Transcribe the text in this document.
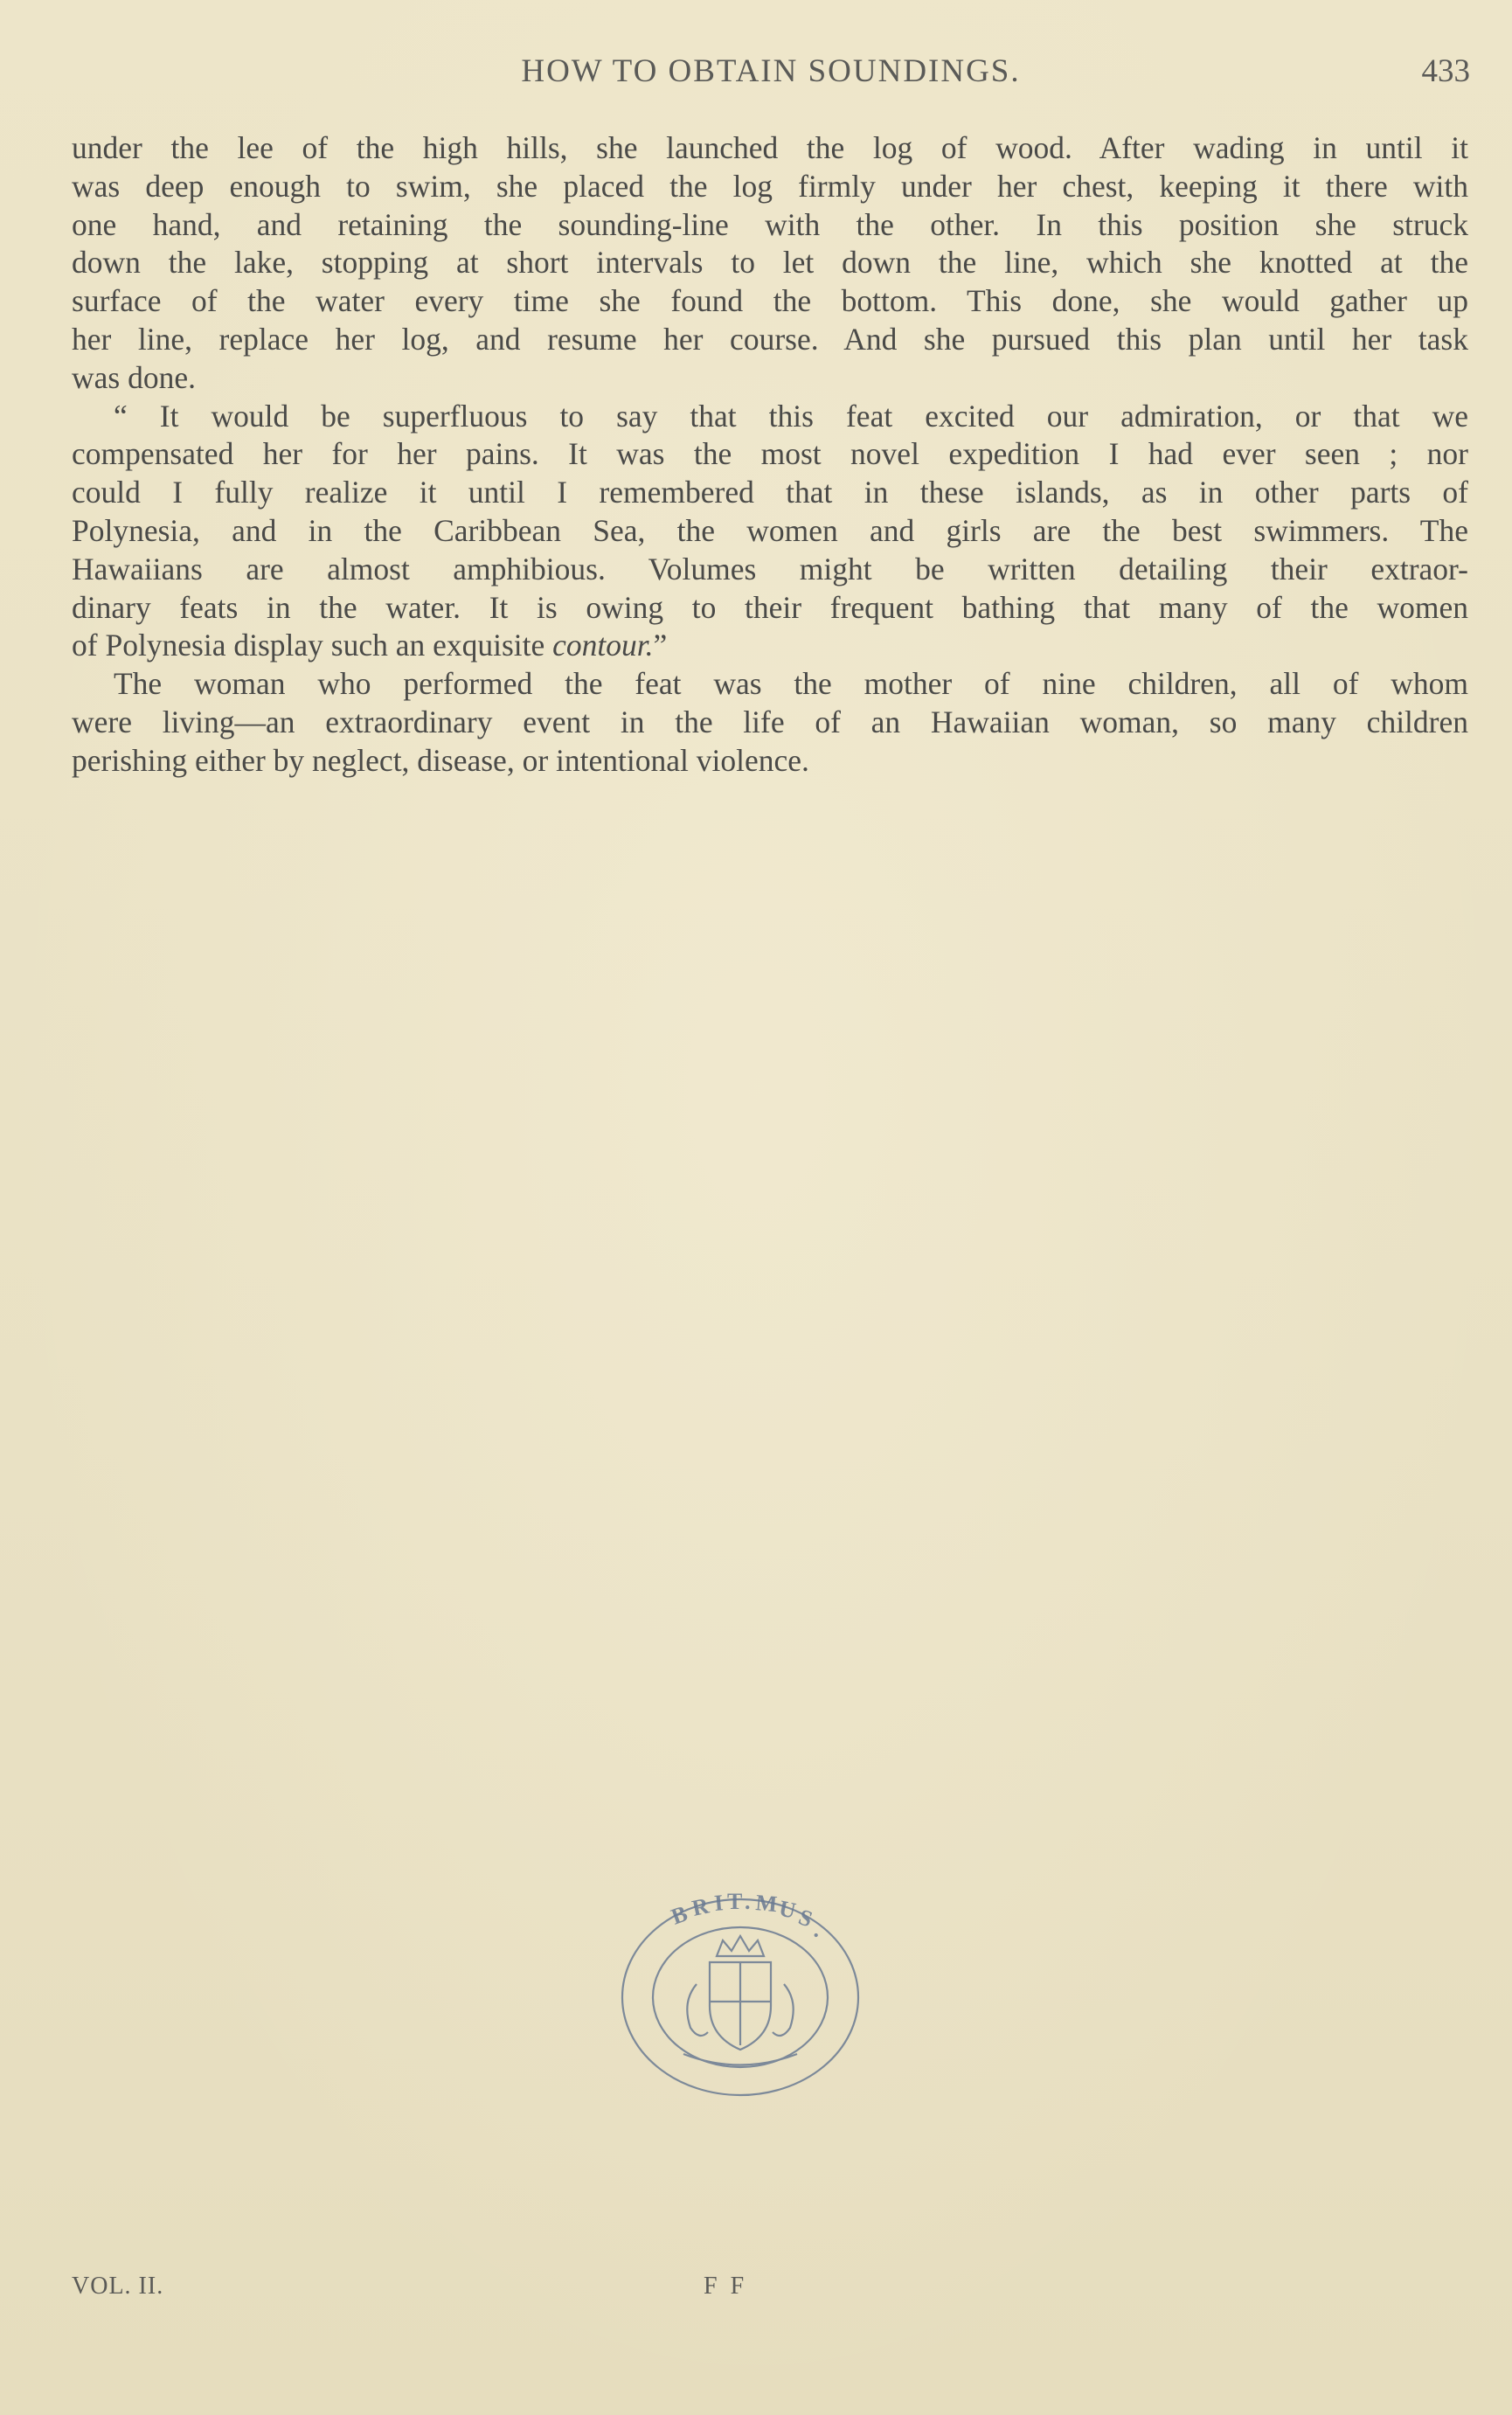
HOW TO OBTAIN SOUNDINGS.	433
under the lee of the high hills, she launched the log of wood. After wading in until it
was deep enough to swim, she placed the log firmly under her chest, keeping it there with
one hand, and retaining the sounding-line with the other. In this position she struck
down the lake, stopping at short intervals to let down the line, which she knotted at the
surface of the water every time she found the bottom. This done, she would gather up
her line, replace her log, and resume her course. And she pursued this plan until her task
was done.
“ It would be superfluous to say that this feat excited our admiration, or that we
compensated her for her pains. It was the most novel expedition I had ever seen ; nor
could I fully realize it until I remembered that in these islands, as in other parts of
Polynesia, and in the Caribbean Sea, the women and girls are the best swimmers. The
Hawaiians are almost amphibious. Volumes might be written detailing their extraor-
dinary feats in the water. It is owing to their frequent bathing that many of the women
of Polynesia display such an exquisite contour.”
The woman who performed the feat was the mother of nine children, all of whom
were living—an extraordinary event in the life of an Hawaiian woman, so many children
perishing either by neglect, disease, or intentional violence.
B
R I T . M
U
S
.
VOL. II.	F F
